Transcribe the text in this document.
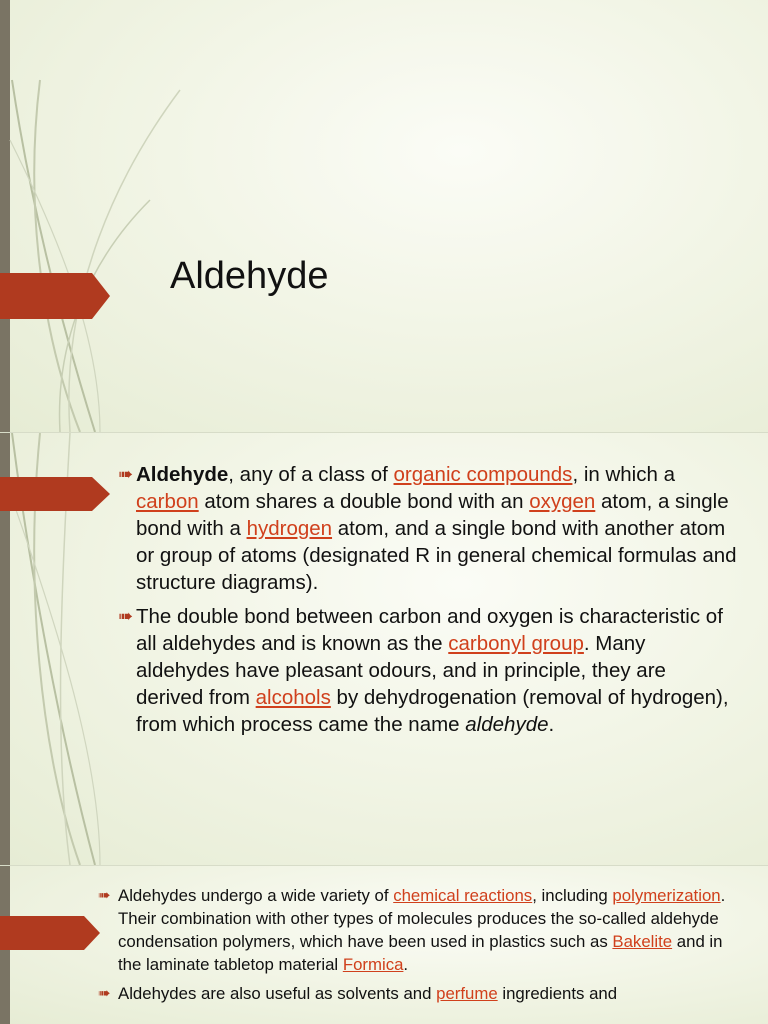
Aldehyde
➠ Aldehyde, any of a class of organic compounds, in which a carbon atom shares a double bond with an oxygen atom, a single bond with a hydrogen atom, and a single bond with another atom or group of atoms (designated R in general chemical formulas and structure diagrams).
➠ The double bond between carbon and oxygen is characteristic of all aldehydes and is known as the carbonyl group. Many aldehydes have pleasant odours, and in principle, they are derived from alcohols by dehydrogenation (removal of hydrogen), from which process came the name aldehyde.
➠ Aldehydes undergo a wide variety of chemical reactions, including polymerization. Their combination with other types of molecules produces the so-called aldehyde condensation polymers, which have been used in plastics such as Bakelite and in the laminate tabletop material Formica.
➠ Aldehydes are also useful as solvents and perfume ingredients and
